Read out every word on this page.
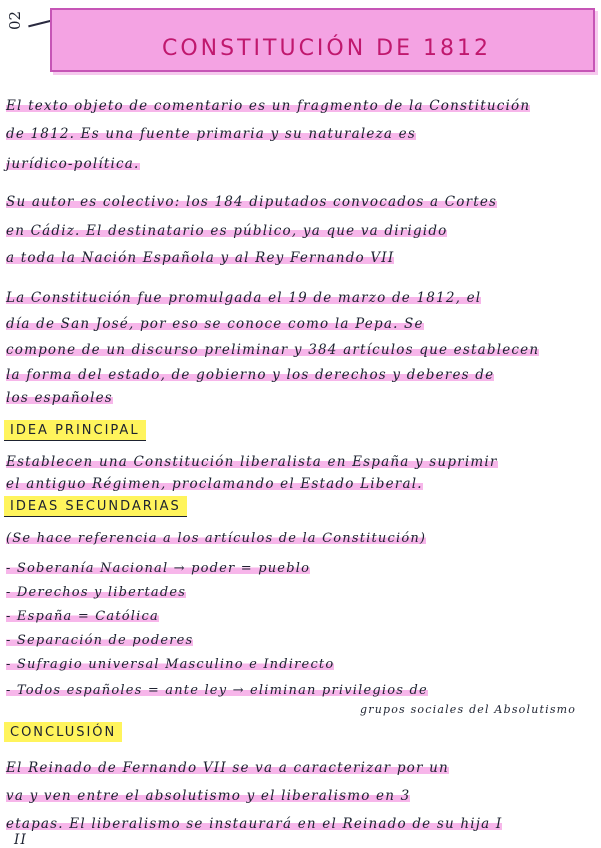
02
CONSTITUCIÓN DE 1812

El texto objeto de comentario es un fragmento de la Constitución

de 1812. Es una fuente primaria y su naturaleza es

jurídico-política.

Su autor es colectivo: los 184 diputados convocados a Cortes

en Cádiz. El destinatario es público, ya que va dirigido

a toda la Nación Española y al Rey Fernando VII

La Constitución fue promulgada el 19 de marzo de 1812, el

día de San José, por eso se conoce como la Pepa. Se

compone de un discurso preliminar y 384 artículos que establecen

la forma del estado, de gobierno y los derechos y deberes de

los españoles

IDEA PRINCIPAL

Establecen una Constitución liberalista en España y suprimir

el antiguo Régimen, proclamando el Estado Liberal.

IDEAS SECUNDARIAS

(Se hace referencia a los artículos de la Constitución)

- Soberanía Nacional → poder = pueblo

- Derechos y libertades

- España = Católica

- Separación de poderes

- Sufragio universal Masculino e Indirecto

- Todos españoles = ante ley → eliminan privilegios de

grupos sociales del Absolutismo

CONCLUSIÓN

El Reinado de Fernando VII se va a caracterizar por un

va y ven entre el absolutismo y el liberalismo en 3

etapas. El liberalismo se instaurará en el Reinado de su hija I

II
